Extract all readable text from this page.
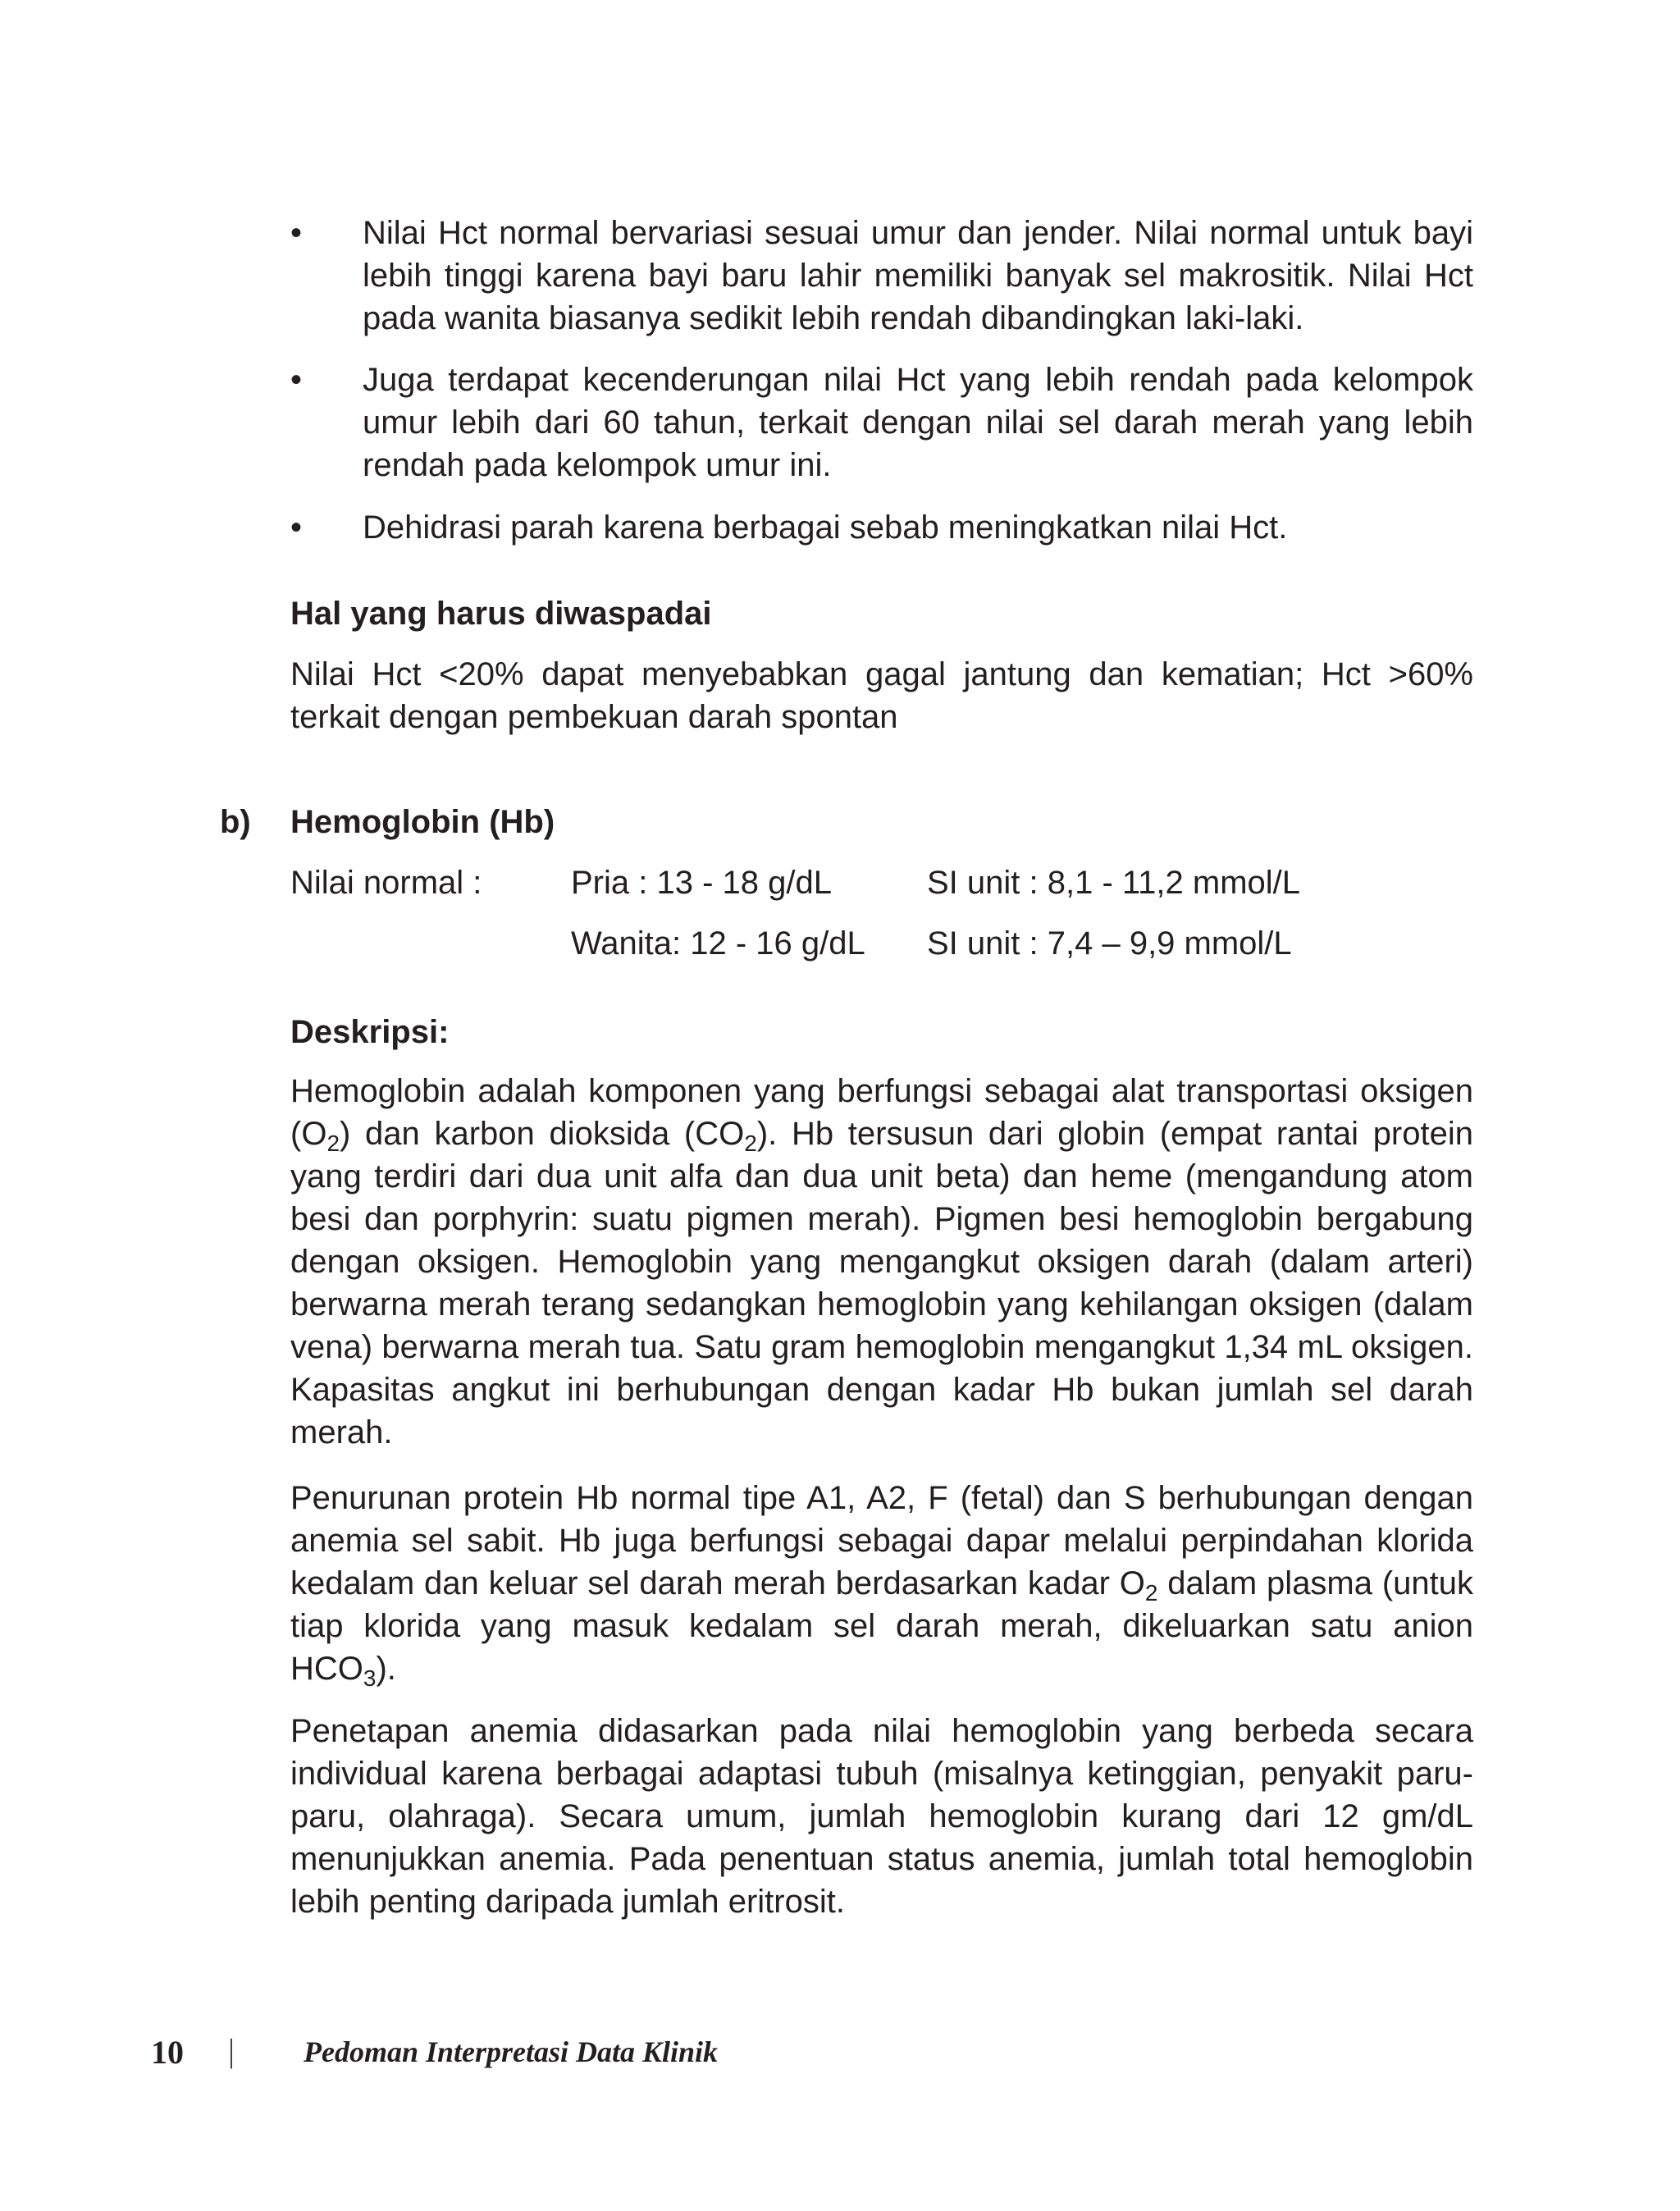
• Nilai Hct normal bervariasi sesuai umur dan jender. Nilai normal untuk bayi lebih tinggi karena bayi baru lahir memiliki banyak sel makrositik. Nilai Hct pada wanita biasanya sedikit lebih rendah dibandingkan laki-laki.
• Juga terdapat kecenderungan nilai Hct yang lebih rendah pada kelompok umur lebih dari 60 tahun, terkait dengan nilai sel darah merah yang lebih rendah pada kelompok umur ini.
• Dehidrasi parah karena berbagai sebab meningkatkan nilai Hct.
Hal yang harus diwaspadai
Nilai Hct <20% dapat menyebabkan gagal jantung dan kematian; Hct >60% terkait dengan pembekuan darah spontan
b) Hemoglobin (Hb)
Nilai normal :	Pria : 13 - 18 g/dL	SI unit : 8,1 - 11,2 mmol/L
Wanita: 12 - 16 g/dL SI unit : 7,4 – 9,9 mmol/L
Deskripsi:

Hemoglobin adalah komponen yang berfungsi sebagai alat transportasi oksigen $(O_2)$ dan karbon dioksida $(CO_2)$. Hb tersusun dari globin (empat rantai protein yang terdiri dari dua unit alfa dan dua unit beta) dan heme (mengandung atom besi dan porphyrin: suatu pigmen merah). Pigmen besi hemoglobin bergabung dengan oksigen. Hemoglobin yang mengangkut oksigen darah (dalam arteri) berwarna merah terang sedangkan hemoglobin yang kehilangan oksigen (dalam vena) berwarna merah tua. Satu gram hemoglobin mengangkut 1,34 mL oksigen. Kapasitas angkut ini berhubungan dengan kadar Hb bukan jumlah sel darah merah.

Penurunan protein Hb normal tipe A1, A2, F (fetal) dan S berhubungan dengan anemia sel sabit. Hb juga berfungsi sebagai dapar melalui perpindahan klorida kedalam dan keluar sel darah merah berdasarkan kadar $O_2$ dalam plasma (untuk tiap klorida yang masuk kedalam sel darah merah, dikeluarkan satu anion $HCO_3$).

Penetapan anemia didasarkan pada nilai hemoglobin yang berbeda secara individual karena berbagai adaptasi tubuh (misalnya ketinggian, penyakit paru-paru, olahraga). Secara umum, jumlah hemoglobin kurang dari 12 gm/dL menunjukkan anemia. Pada penentuan status anemia, jumlah total hemoglobin lebih penting daripada jumlah eritrosit.

10 | Pedoman Interpretasi Data Klinik
